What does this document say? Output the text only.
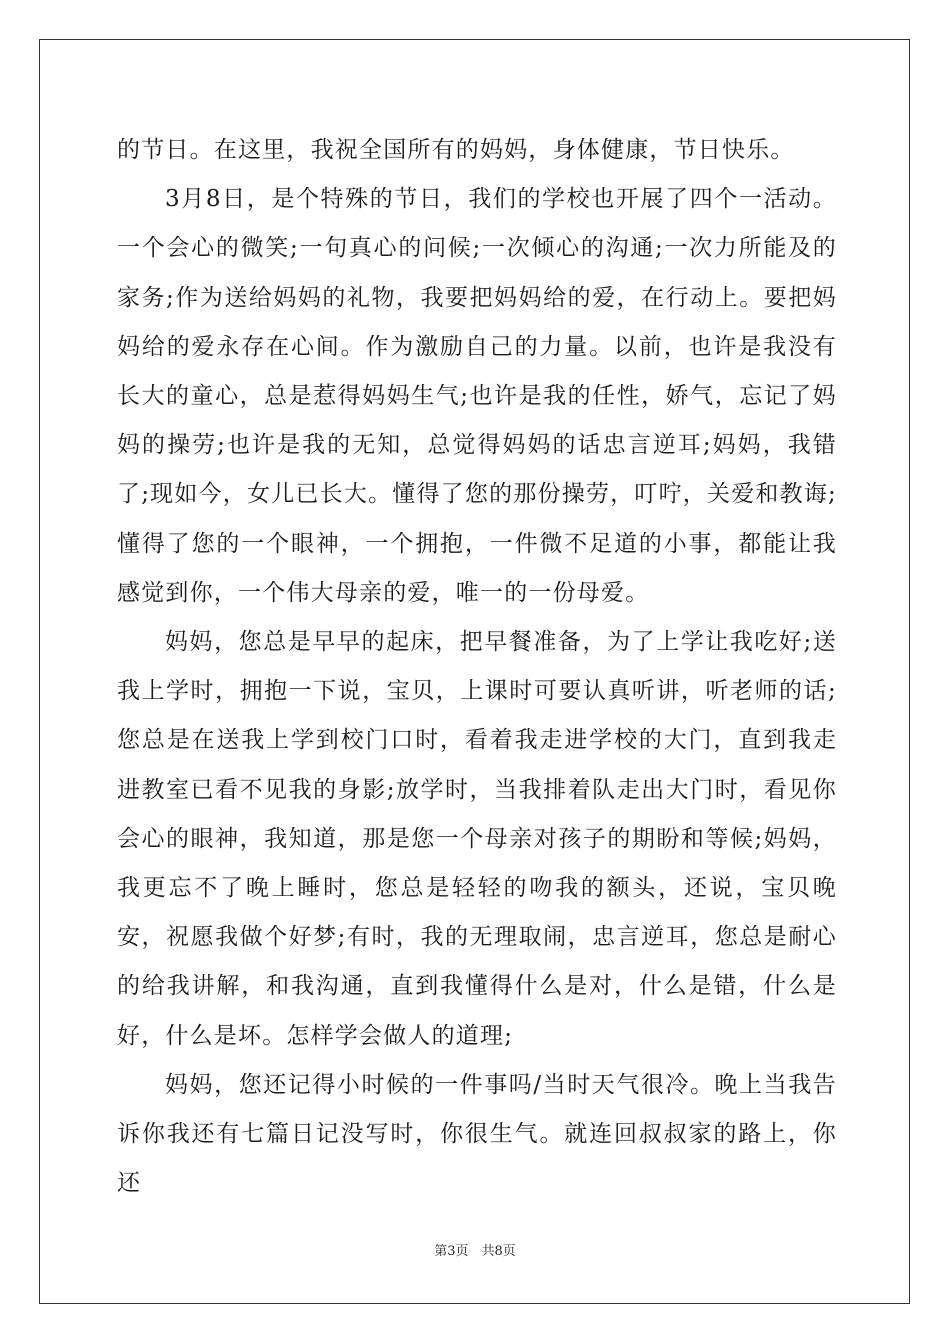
的节日。在这里，我祝全国所有的妈妈，身体健康，节日快乐。

3月8日，是个特殊的节日，我们的学校也开展了四个一活动。一个会心的微笑;一句真心的问候;一次倾心的沟通;一次力所能及的家务;作为送给妈妈的礼物，我要把妈妈给的爱，在行动上。要把妈妈给的爱永存在心间。作为激励自己的力量。以前，也许是我没有长大的童心，总是惹得妈妈生气;也许是我的任性，娇气，忘记了妈妈的操劳;也许是我的无知，总觉得妈妈的话忠言逆耳;妈妈，我错了;现如今，女儿已长大。懂得了您的那份操劳，叮咛，关爱和教诲;懂得了您的一个眼神，一个拥抱，一件微不足道的小事，都能让我感觉到你，一个伟大母亲的爱，唯一的一份母爱。

妈妈，您总是早早的起床，把早餐准备，为了上学让我吃好;送我上学时，拥抱一下说，宝贝，上课时可要认真听讲，听老师的话;您总是在送我上学到校门口时，看着我走进学校的大门，直到我走进教室已看不见我的身影;放学时，当我排着队走出大门时，看见你会心的眼神，我知道，那是您一个母亲对孩子的期盼和等候;妈妈，我更忘不了晚上睡时，您总是轻轻的吻我的额头，还说，宝贝晚安，祝愿我做个好梦;有时，我的无理取闹，忠言逆耳，您总是耐心的给我讲解，和我沟通，直到我懂得什么是对，什么是错，什么是好，什么是坏。怎样学会做人的道理;

妈妈，您还记得小时候的一件事吗/当时天气很冷。晚上当我告诉你我还有七篇日记没写时，你很生气。就连回叔叔家的路上，你还

第3页　共8页
